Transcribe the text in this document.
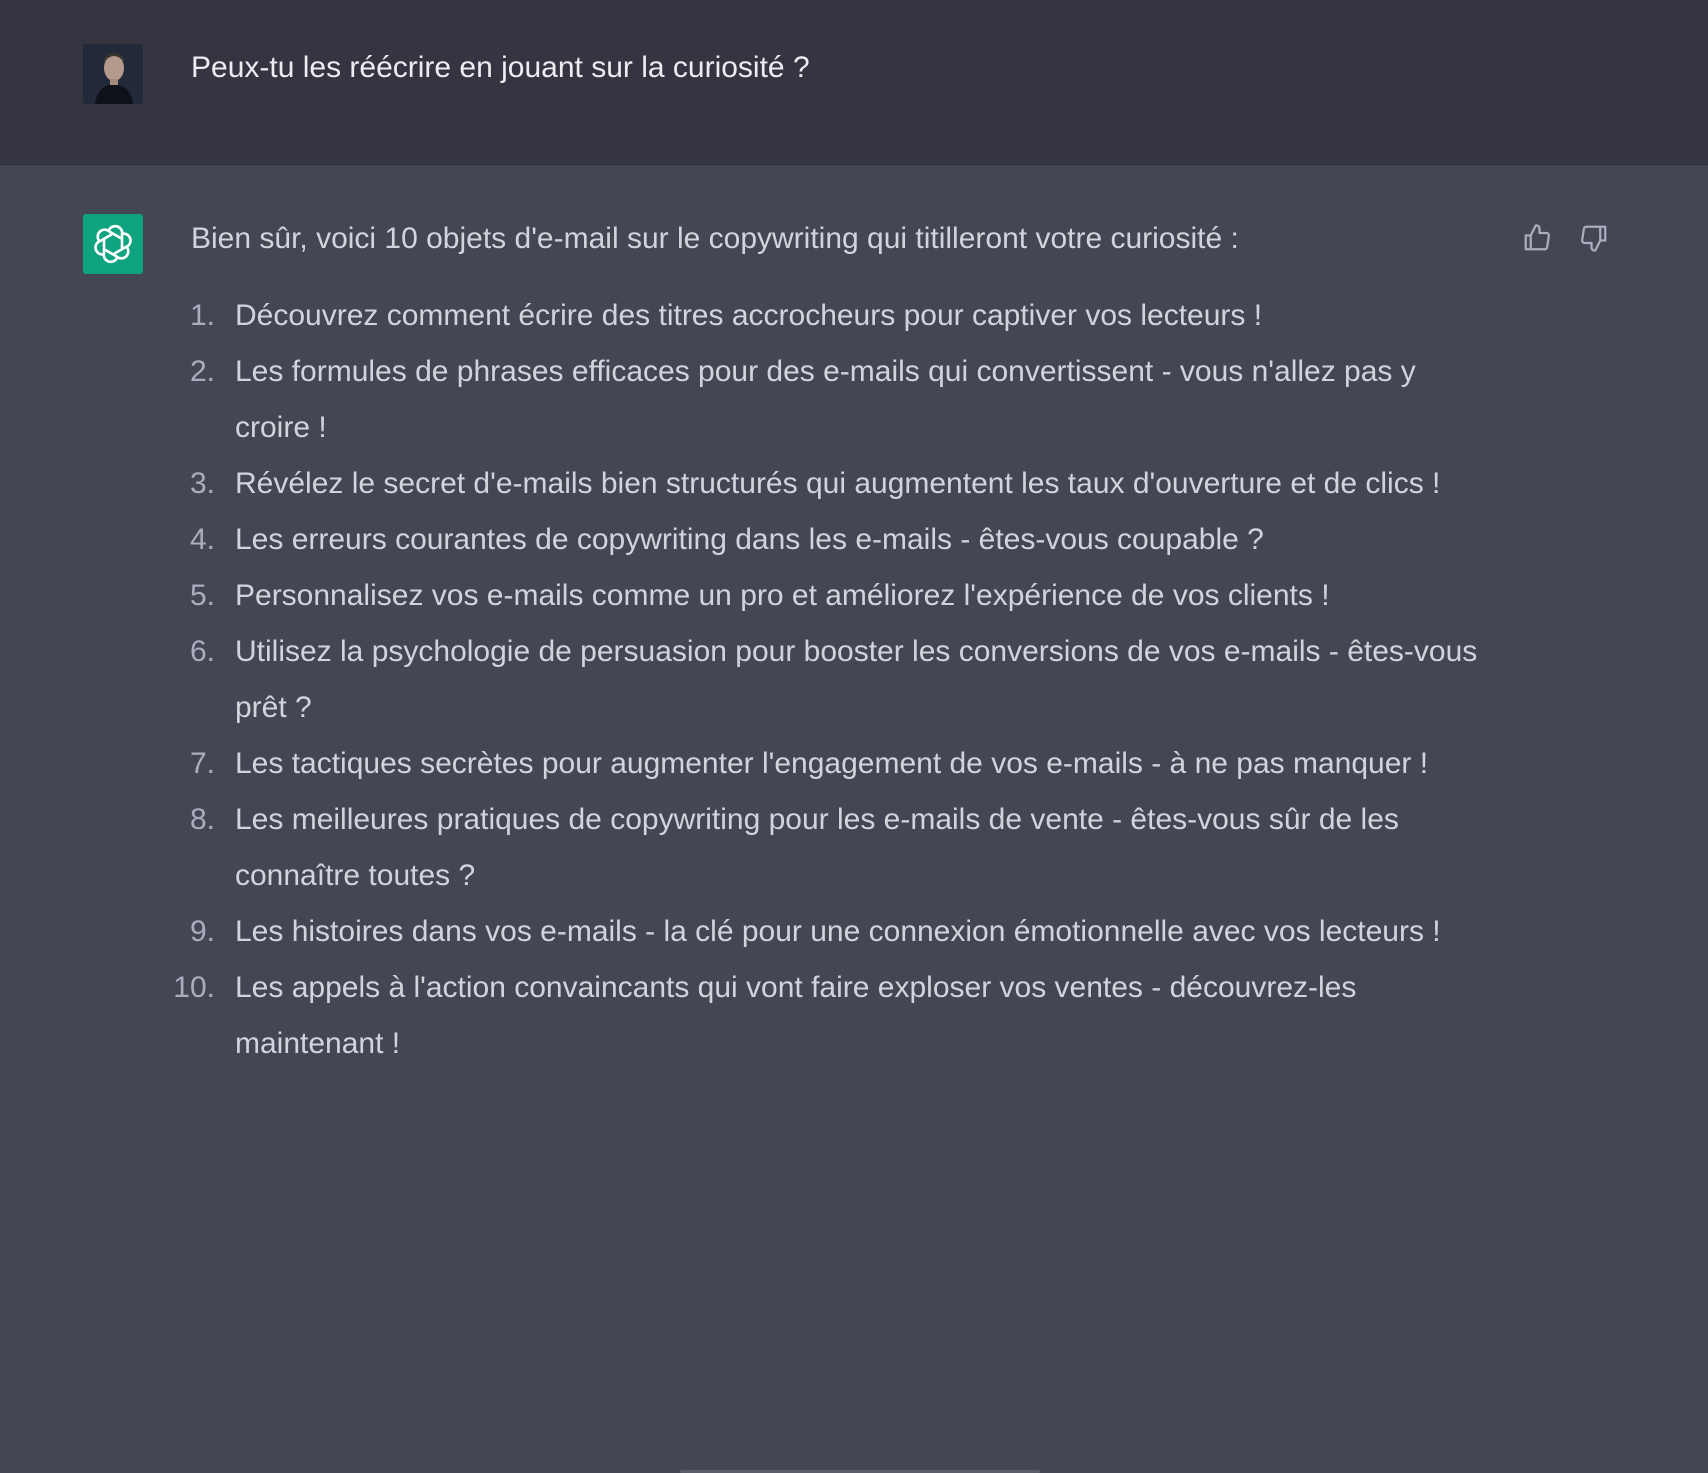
Peux-tu les réécrire en jouant sur la curiosité ?
Bien sûr, voici 10 objets d'e-mail sur le copywriting qui titilleront votre curiosité :
1. Découvrez comment écrire des titres accrocheurs pour captiver vos lecteurs !
2. Les formules de phrases efficaces pour des e-mails qui convertissent - vous n'allez pas y croire !
3. Révélez le secret d'e-mails bien structurés qui augmentent les taux d'ouverture et de clics !
4. Les erreurs courantes de copywriting dans les e-mails - êtes-vous coupable ?
5. Personnalisez vos e-mails comme un pro et améliorez l'expérience de vos clients !
6. Utilisez la psychologie de persuasion pour booster les conversions de vos e-mails - êtes-vous prêt ?
7. Les tactiques secrètes pour augmenter l'engagement de vos e-mails - à ne pas manquer !
8. Les meilleures pratiques de copywriting pour les e-mails de vente - êtes-vous sûr de les connaître toutes ?
9. Les histoires dans vos e-mails - la clé pour une connexion émotionnelle avec vos lecteurs !
10. Les appels à l'action convaincants qui vont faire exploser vos ventes - découvrez-les maintenant !
